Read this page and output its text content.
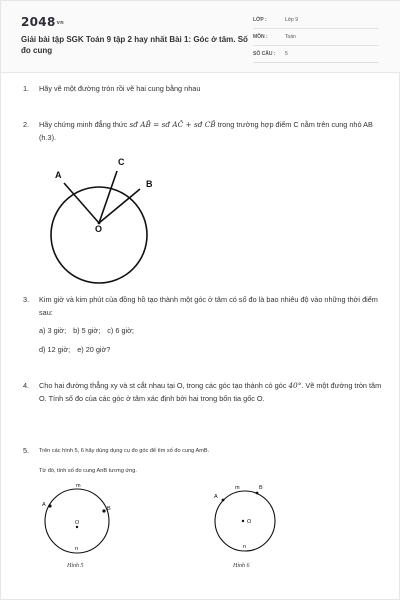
$2048^{vn}$
Giải bài tập SGK Toán 9 tập 2 hay nhất Bài 1: Góc ở tâm. Số đo cung
LỚP :	Lớp 9
MÔN :	Toán
SỐ CÂU : 5
1.	Hãy vẽ một đường tròn rồi vẽ hai cung bằng nhau
2.	Hãy chứng minh đẳng thức sđ AB̂ = sđ AĈ + sđ CB̂ trong trường hợp điểm C nằm trên cung nhỏ AB (h.3).
A
C
B
O
3.	Kim giờ và kim phút của đồng hồ tạo thành một góc ở tâm có số đo là bao nhiêu độ vào những thời điểm sau:
a) 3 giờ; b) 5 giờ; c) 6 giờ;
d) 12 giờ; e) 20 giờ?
4.	Cho hai đường thẳng xy và st cắt nhau tại O, trong các góc tạo thành có góc 40°. Vẽ một đường tròn tâm O. Tính số đo của các góc ở tâm xác định bởi hai trong bốn tia gốc O.
5.	Trên các hình 5, 6 hãy dùng dụng cụ đo góc để tìm số đo cung AmB.
Từ đó, tính số đo cung AnB tương ứng.
A
B
m
n
O
Hình 5
A
B
m
n
O
Hình 6
